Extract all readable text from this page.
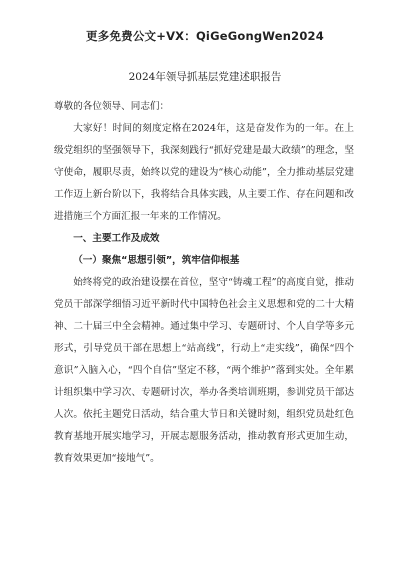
更多免费公文+VX：QiGeGongWen2024
2024年领导抓基层党建述职报告

尊敬的各位领导、同志们：

大家好！时间的刻度定格在2024年，这是奋发作为的一年。在上级党组织的坚强领导下，我深刻践行“抓好党建是最大政绩”的理念，坚守使命，履职尽责，始终以党的建设为“核心动能”，全力推动基层党建工作迈上新台阶以下，我将结合具体实践，从主要工作、存在问题和改进措施三个方面汇报一年来的工作情况。

一、主要工作及成效

（一）聚焦“思想引领”，筑牢信仰根基

始终将党的政治建设摆在首位，坚守“铸魂工程”的高度自觉，推动党员干部深学细悟习近平新时代中国特色社会主义思想和党的二十大精神、二十届三中全会精神。通过集中学习、专题研讨、个人自学等多元形式，引导党员干部在思想上“站高线”，行动上“走实线”，确保“四个意识”入脑入心，“四个自信”坚定不移，“两个维护”落到实处。全年累计组织集中学习次、专题研讨次，举办各类培训班期，参训党员干部达人次。依托主题党日活动，结合重大节日和关键时刻，组织党员赴红色教育基地开展实地学习，开展志愿服务活动，推动教育形式更加生动，教育效果更加“接地气”。
